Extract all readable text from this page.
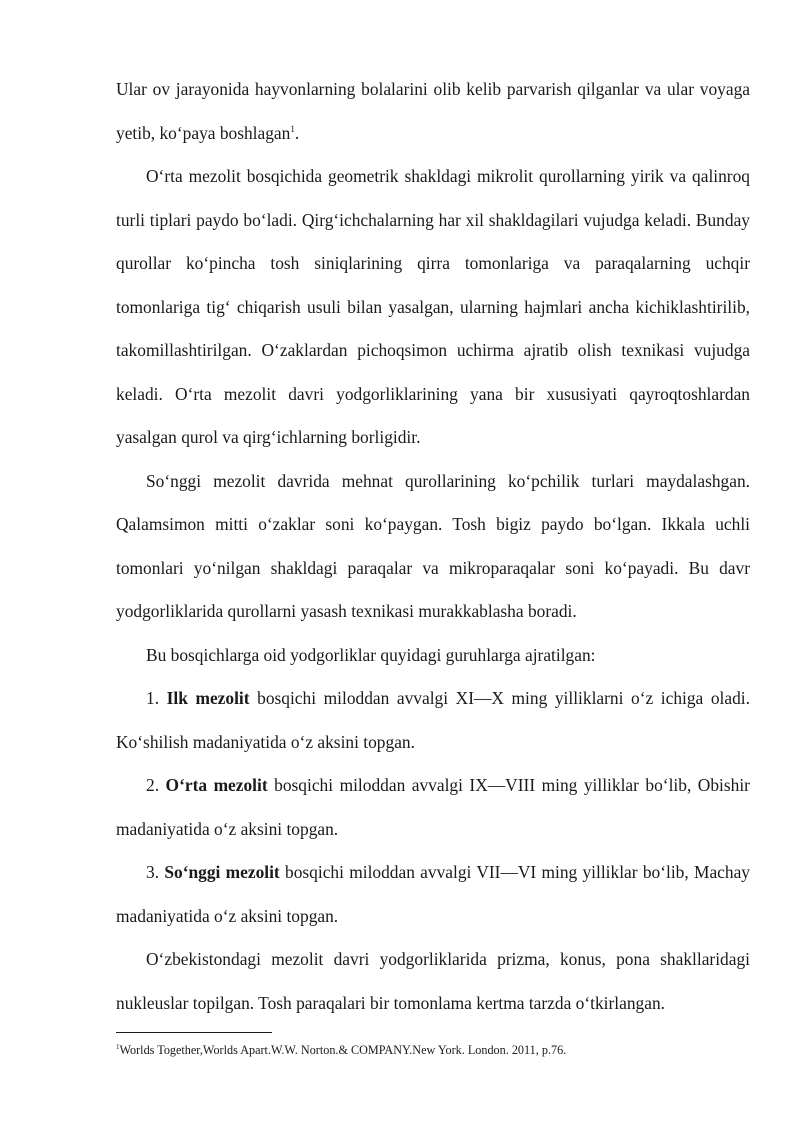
Ular ov jarayonida hayvonlarning bolalarini olib kelib parvarish qilganlar va ular voyaga yetib, ko‘paya boshlagan$^1$.

O‘rta mezolit bosqichida geometrik shakldagi mikrolit qurollarning yirik va qalinroq turli tiplari paydo bo‘ladi. Qirg‘ichchalarning har xil shakldagilari vujudga keladi. Bunday qurollar ko‘pincha tosh siniqlarining qirra tomonlariga va paraqalarning uchqir tomonlariga tig‘ chiqarish usuli bilan yasalgan, ularning hajmlari ancha kichiklashtirilib, takomillashtirilgan. O‘zaklardan pichoqsimon uchirma ajratib olish texnikasi vujudga keladi. O‘rta mezolit davri yodgorliklarining yana bir xususiyati qayroqtoshlardan yasalgan qurol va qirg‘ichlarning borligidir.

So‘nggi mezolit davrida mehnat qurollarining ko‘pchilik turlari maydalashgan. Qalamsimon mitti o‘zaklar soni ko‘paygan. Tosh bigiz paydo bo‘lgan. Ikkala uchli tomonlari yo‘nilgan shakldagi paraqalar va mikroparaqalar soni ko‘payadi. Bu davr yodgorliklarida qurollarni yasash texnikasi murakkablasha boradi.

Bu bosqichlarga oid yodgorliklar quyidagi guruhlarga ajratilgan:

1. Ilk mezolit bosqichi miloddan avvalgi XI—X ming yilliklarni o‘z ichiga oladi. Ko‘shilish madaniyatida o‘z aksini topgan.

2. O‘rta mezolit bosqichi miloddan avvalgi IX—VIII ming yilliklar bo‘lib, Obishir madaniyatida o‘z aksini topgan.

3. So‘nggi mezolit bosqichi miloddan avvalgi VII—VI ming yilliklar bo‘lib, Machay madaniyatida o‘z aksini topgan.

O‘zbekistondagi mezolit davri yodgorliklarida prizma, konus, pona shakllaridagi nukleuslar topilgan. Tosh paraqalari bir tomonlama kertma tarzda o‘tkirlangan.

$^1$Worlds Together,Worlds Apart.W.W. Norton.& COMPANY.New York. London. 2011, p.76.
